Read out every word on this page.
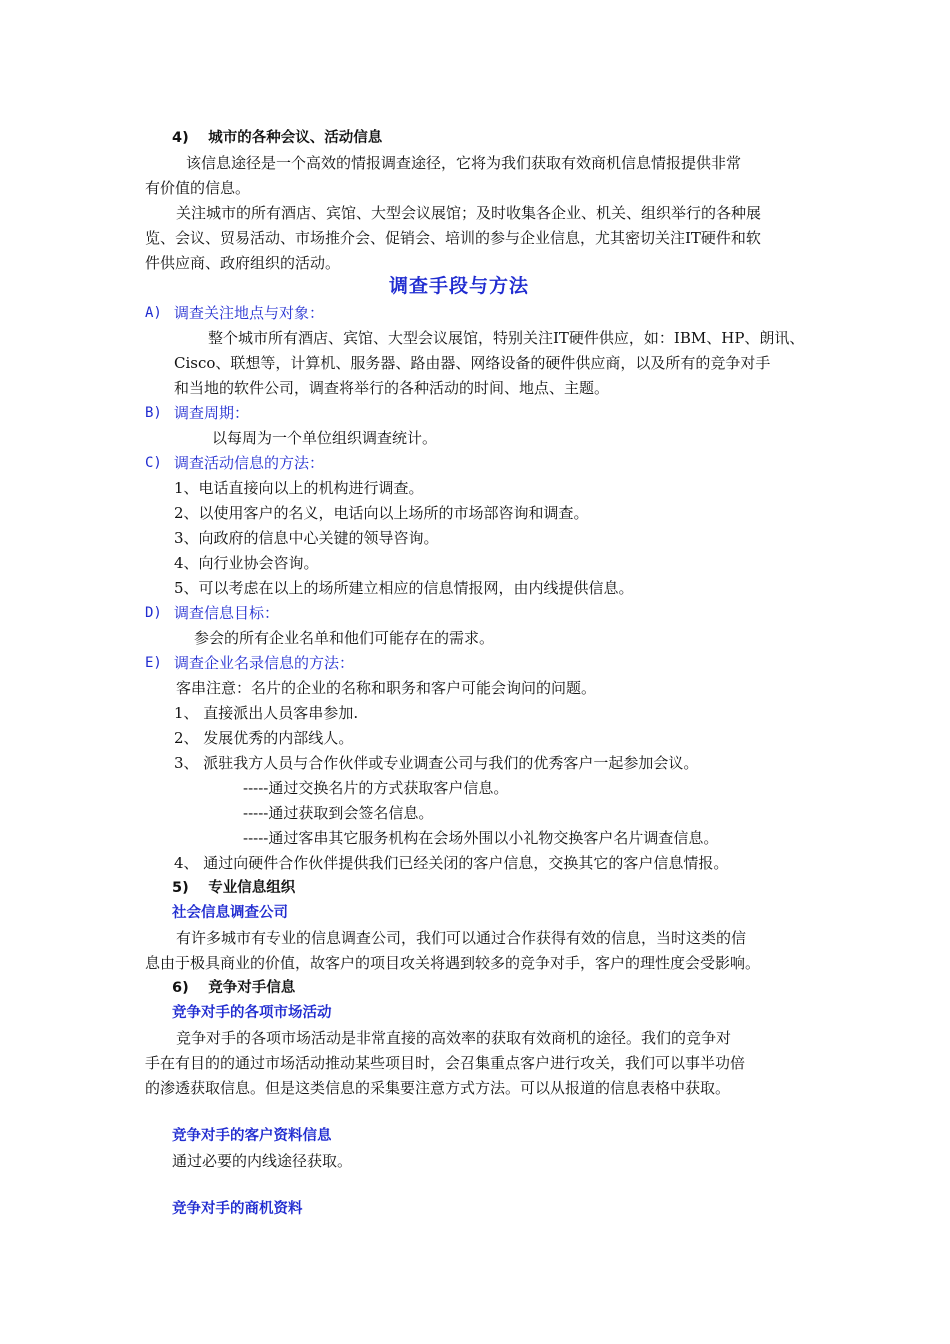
4)　 城市的各种会议、活动信息
该信息途径是一个高效的情报调查途径，它将为我们获取有效商机信息情报提供非常
有价值的信息。
关注城市的所有酒店、宾馆、大型会议展馆；及时收集各企业、机关、组织举行的各种展
览、会议、贸易活动、市场推介会、促销会、培训的参与企业信息，尤其密切关注IT硬件和软
件供应商、政府组织的活动。
调查手段与方法
A) 调查关注地点与对象：
整个城市所有酒店、宾馆、大型会议展馆，特别关注IT硬件供应，如：IBM、HP、朗讯、
Cisco、联想等，计算机、服务器、路由器、网络设备的硬件供应商，以及所有的竞争对手
和当地的软件公司，调查将举行的各种活动的时间、地点、主题。
B) 调查周期：
以每周为一个单位组织调查统计。
C) 调查活动信息的方法：
1、电话直接向以上的机构进行调查。
2、以使用客户的名义，电话向以上场所的市场部咨询和调查。
3、向政府的信息中心关键的领导咨询。
4、向行业协会咨询。
5、可以考虑在以上的场所建立相应的信息情报网，由内线提供信息。
D) 调查信息目标：
参会的所有企业名单和他们可能存在的需求。
E) 调查企业名录信息的方法：
客串注意：名片的企业的名称和职务和客户可能会询问的问题。
1、 直接派出人员客串参加.
2、 发展优秀的内部线人。
3、 派驻我方人员与合作伙伴或专业调查公司与我们的优秀客户一起参加会议。
-----通过交换名片的方式获取客户信息。
-----通过获取到会签名信息。
-----通过客串其它服务机构在会场外围以小礼物交换客户名片调查信息。
4、 通过向硬件合作伙伴提供我们已经关闭的客户信息，交换其它的客户信息情报。
5)　 专业信息组织
社会信息调查公司
有许多城市有专业的信息调查公司，我们可以通过合作获得有效的信息，当时这类的信
息由于极具商业的价值，故客户的项目攻关将遇到较多的竞争对手，客户的理性度会受影响。
6)　 竞争对手信息
竞争对手的各项市场活动
竞争对手的各项市场活动是非常直接的高效率的获取有效商机的途径。我们的竞争对
手在有目的的通过市场活动推动某些项目时，会召集重点客户进行攻关，我们可以事半功倍
的渗透获取信息。但是这类信息的采集要注意方式方法。可以从报道的信息表格中获取。
竞争对手的客户资料信息
通过必要的内线途径获取。
竞争对手的商机资料
